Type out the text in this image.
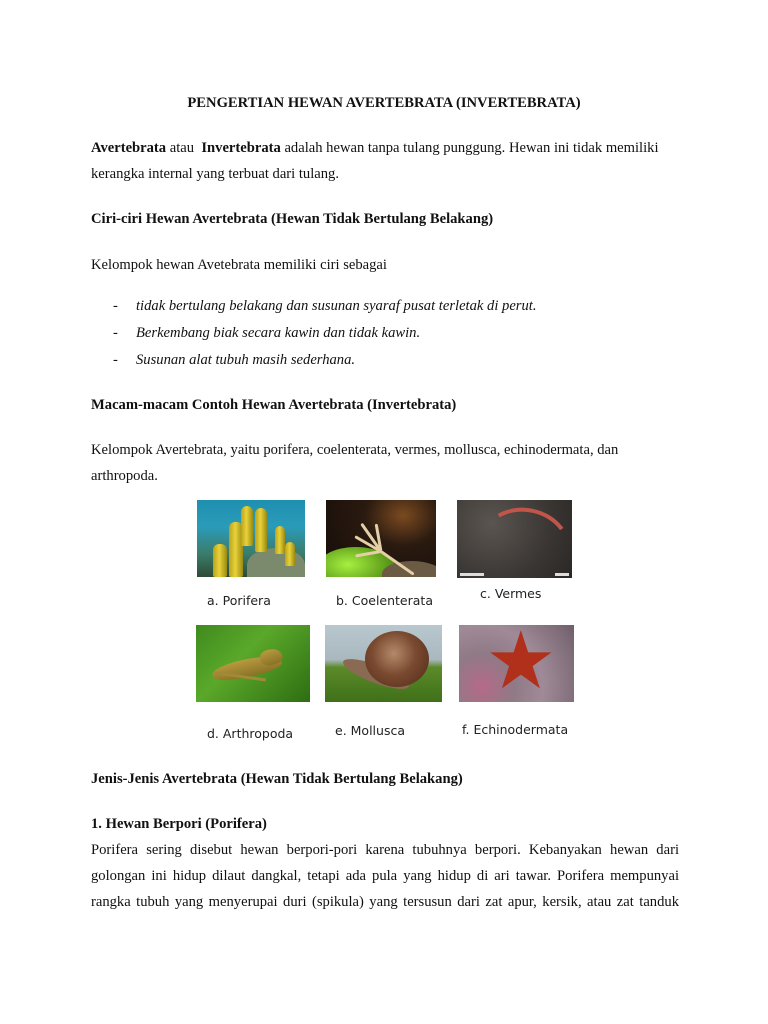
PENGERTIAN HEWAN AVERTEBRATA (INVERTEBRATA)
Avertebrata atau  Invertebrata adalah hewan tanpa tulang punggung. Hewan ini tidak memiliki
kerangka internal yang terbuat dari tulang.
Ciri-ciri Hewan Avertebrata (Hewan Tidak Bertulang Belakang)
Kelompok hewan Avetebrata memiliki ciri sebagai
- tidak bertulang belakang dan susunan syaraf pusat terletak di perut.
- Berkembang biak secara kawin dan tidak kawin.
- Susunan alat tubuh masih sederhana.
Macam-macam Contoh Hewan Avertebrata (Invertebrata)
Kelompok Avertebrata, yaitu porifera, coelenterata, vermes, mollusca, echinodermata, dan
arthropoda.
a. Porifera	b. Coelenterata	c. Vermes
d. Arthropoda	e. Mollusca
★
f. Echinodermata
Jenis-Jenis Avertebrata (Hewan Tidak Bertulang Belakang)
1. Hewan Berpori (Porifera)
Porifera sering disebut hewan berpori-pori karena tubuhnya berpori. Kebanyakan hewan dari
golongan ini hidup dilaut dangkal, tetapi ada pula yang hidup di ari tawar. Porifera mempunyai
rangka tubuh yang menyerupai duri (spikula) yang tersusun dari zat apur, kersik, atau zat tanduk
